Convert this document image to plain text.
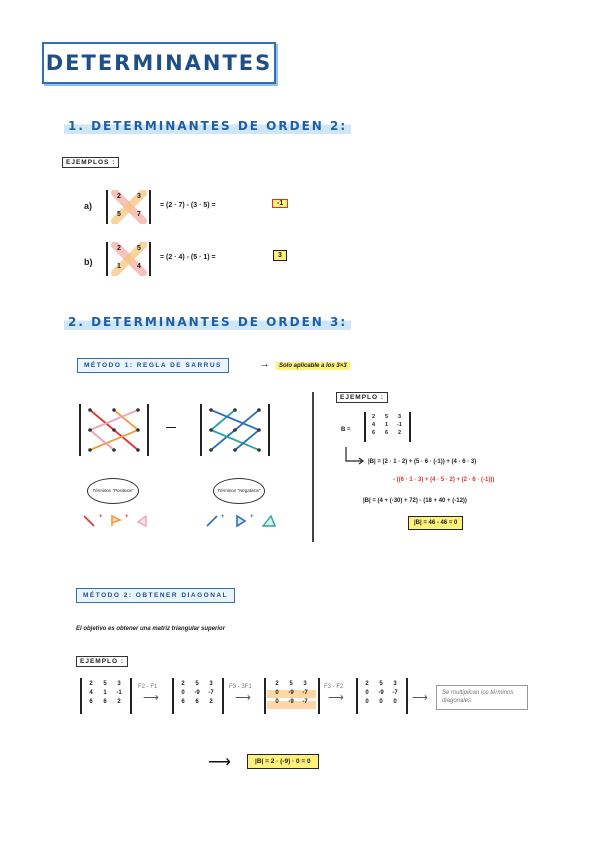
DETERMINANTES
1. DETERMINANTES DE ORDEN 2:
EJEMPLOS :
a)
2 3
5 7
= (2 · 7) - (3 · 5) =	-1
b)
2 5
1 4
= (2 · 4) - (5 · 1) =	3
2. DETERMINANTES DE ORDEN 3:
MÉTODO 1: REGLA DE SARRUS	→	Solo aplicable a los 3×3
—
Términos "Positivos"	Términos "Negativos"
+	+	+	+
EJEMPLO :
B =
2	5	3
4	1	-1
6	6	2
|B| = (2 · 1 · 2) + (5 · 6 · (-1)) + (4 · 6 · 3)
- ((6 · 1 · 3) + (4 · 5 · 2) + (2 · 6 · (-1)))
|B| = (4 + (-30) + 72) - (18 + 40 + (-12))
|B| = 46 - 46 = 0
MÉTODO 2: OBTENER DIAGONAL
El objetivo es obtener una matriz triangular superior
EJEMPLO :
2	5	3
4	1	-1
6	6	2
F2 - F1
⟶
2	5	3
0	-9	-7
6	6	2
F3 - 3F1
⟶
2	5	3
0	-9	-7
0	-9	-7
F3 - F2
⟶
2	5	3
0	-9	-7
0	0	0	⟶	Se multiplican los términos diagonales
⟶	|B| = 2 · (-9) · 0 = 0
